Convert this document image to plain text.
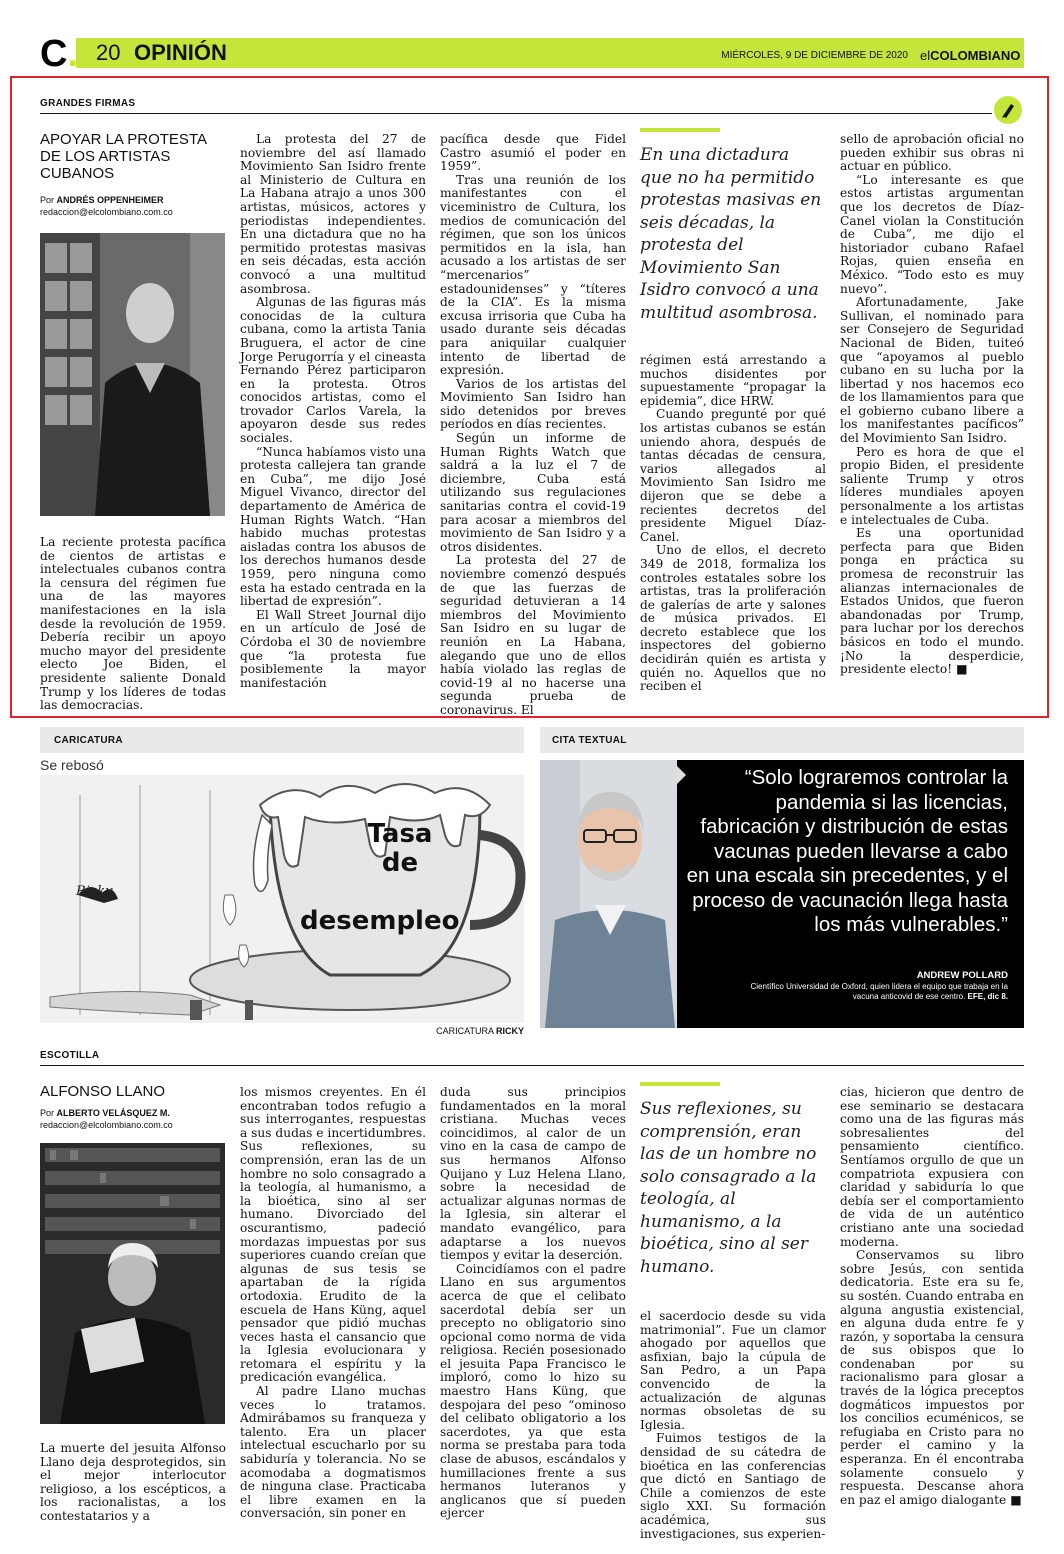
C. 20 OPINIÓN	MIÉRCOLES, 9 DE DICIEMBRE DE 2020 elCOLOMBIANO
GRANDES FIRMAS
APOYAR LA PROTESTA DE LOS ARTISTAS CUBANOS
Por ANDRÉS OPPENHEIMER
redaccion@elcolombiano.com.co

La reciente protesta pacífica de cientos de artistas e intelectuales cubanos contra la censura del régimen fue una de las mayores manifestaciones en la isla desde la revolución de 1959. Debería recibir un apoyo mucho mayor del presidente electo Joe Biden, el presidente saliente Donald Trump y los líderes de todas las democracias.

La protesta del 27 de noviembre del así llamado Movimiento San Isidro frente al Ministerio de Cultura en La Habana atrajo a unos 300 artistas, músicos, actores y periodistas independientes. En una dictadura que no ha permitido protestas masivas en seis décadas, esta acción convocó a una multitud asombrosa.

Algunas de las figuras más conocidas de la cultura cubana, como la artista Tania Bruguera, el actor de cine Jorge Perugorría y el cineasta Fernando Pérez participaron en la protesta. Otros conocidos artistas, como el trovador Carlos Varela, la apoyaron desde sus redes sociales.

“Nunca habíamos visto una protesta callejera tan grande en Cuba”, me dijo José Miguel Vivanco, director del departamento de América de Human Rights Watch. “Han habido muchas protestas aisladas contra los abusos de los derechos humanos desde 1959, pero ninguna como esta ha estado centrada en la libertad de expresión”.

El Wall Street Journal dijo en un artículo de José de Córdoba el 30 de noviembre que “la protesta fue posiblemente la mayor manifestación

pacífica desde que Fidel Castro asumió el poder en 1959”.

Tras una reunión de los manifestantes con el viceministro de Cultura, los medios de comunicación del régimen, que son los únicos permitidos en la isla, han acusado a los artistas de ser “mercenarios” estadounidenses” y “títeres de la CIA”. Es la misma excusa irrisoria que Cuba ha usado durante seis décadas para aniquilar cualquier intento de libertad de expresión.

Varios de los artistas del Movimiento San Isidro han sido detenidos por breves períodos en días recientes.

Según un informe de Human Rights Watch que saldrá a la luz el 7 de diciembre, Cuba está utilizando sus regulaciones sanitarias contra el covid-19 para acosar a miembros del movimiento de San Isidro y a otros disidentes.

La protesta del 27 de noviembre comenzó después de que las fuerzas de seguridad detuvieran a 14 miembros del Movimiento San Isidro en su lugar de reunión en La Habana, alegando que uno de ellos había violado las reglas de covid-19 al no hacerse una segunda prueba de coronavirus. El

En una dictadura que no ha permitido protestas masivas en seis décadas, la protesta del Movimiento San Isidro convocó a una multitud asombrosa.

régimen está arrestando a muchos disidentes por supuestamente “propagar la epidemia”, dice HRW.

Cuando pregunté por qué los artistas cubanos se están uniendo ahora, después de tantas décadas de censura, varios allegados al Movimiento San Isidro me dijeron que se debe a recientes decretos del presidente Miguel Díaz-Canel.

Uno de ellos, el decreto 349 de 2018, formaliza los controles estatales sobre los artistas, tras la proliferación de galerías de arte y salones de música privados. El decreto establece que los inspectores del gobierno decidirán quién es artista y quién no. Aquellos que no reciben el

sello de aprobación oficial no pueden exhibir sus obras ni actuar en público.

“Lo interesante es que estos artistas argumentan que los decretos de Díaz-Canel violan la Constitución de Cuba”, me dijo el historiador cubano Rafael Rojas, quien enseña en México. “Todo esto es muy nuevo”.

Afortunadamente, Jake Sullivan, el nominado para ser Consejero de Seguridad Nacional de Biden, tuiteó que “apoyamos al pueblo cubano en su lucha por la libertad y nos hacemos eco de los llamamientos para que el gobierno cubano libere a los manifestantes pacíficos” del Movimiento San Isidro.

Pero es hora de que el propio Biden, el presidente saliente Trump y otros líderes mundiales apoyen personalmente a los artistas e intelectuales de Cuba.

Es una oportunidad perfecta para que Biden ponga en práctica su promesa de reconstruir las alianzas internacionales de Estados Unidos, que fueron abandonadas por Trump, para luchar por los derechos básicos en todo el mundo. ¡No la desperdicie, presidente electo! ■

CARICATURA
Se rebosó
Tasa
de
desempleo
Ricky
CARICATURA RICKY
CITA TEXTUAL
“Solo lograremos controlar la pandemia si las licencias, fabricación y distribución de estas vacunas pueden llevarse a cabo en una escala sin precedentes, y el proceso de vacunación llega hasta los más vulnerables.”
ANDREW POLLARD
Científico Universidad de Oxford, quien lidera el equipo que trabaja en la
vacuna anticovid de ese centro. EFE, dic 8.
ESCOTILLA
ALFONSO LLANO
Por ALBERTO VELÁSQUEZ M.
redaccion@elcolombiano.com.co

La muerte del jesuita Alfonso Llano deja desprotegidos, sin el mejor interlocutor religioso, a los escépticos, a los racionalistas, a los contestatarios y a

los mismos creyentes. En él encontraban todos refugio a sus interrogantes, respuestas a sus dudas e incertidumbres. Sus reflexiones, su comprensión, eran las de un hombre no solo consagrado a la teología, al humanismo, a la bioética, sino al ser humano. Divorciado del oscurantismo, padeció mordazas impuestas por sus superiores cuando creían que algunas de sus tesis se apartaban de la rígida ortodoxia. Erudito de la escuela de Hans Küng, aquel pensador que pidió muchas veces hasta el cansancio que la Iglesia evolucionara y retomara el espíritu y la predicación evangélica.

Al padre Llano muchas veces lo tratamos. Admirábamos su franqueza y talento. Era un placer intelectual escucharlo por su sabiduría y tolerancia. No se acomodaba a dogmatismos de ninguna clase. Practicaba el libre examen en la conversación, sin poner en

duda sus principios fundamentados en la moral cristiana. Muchas veces coincidimos, al calor de un vino en la casa de campo de sus hermanos Alfonso Quijano y Luz Helena Llano, sobre la necesidad de actualizar algunas normas de la Iglesia, sin alterar el mandato evangélico, para adaptarse a los nuevos tiempos y evitar la deserción.

Coincidíamos con el padre Llano en sus argumentos acerca de que el celibato sacerdotal debía ser un precepto no obligatorio sino opcional como norma de vida religiosa. Recién posesionado el jesuita Papa Francisco le imploró, como lo hizo su maestro Hans Küng, que despojara del peso “ominoso del celibato obligatorio a los sacerdotes, ya que esta norma se prestaba para toda clase de abusos, escándalos y humillaciones frente a sus hermanos luteranos y anglicanos que sí pueden ejercer

Sus reflexiones, su comprensión, eran las de un hombre no solo consagrado a la teología, al humanismo, a la bioética, sino al ser humano.

el sacerdocio desde su vida matrimonial”. Fue un clamor ahogado por aquellos que asfixian, bajo la cúpula de San Pedro, a un Papa convencido de la actualización de algunas normas obsoletas de su Iglesia.

Fuimos testigos de la densidad de su cátedra de bioética en las conferencias que dictó en Santiago de Chile a comienzos de este siglo XXI. Su formación académica, sus investigaciones, sus experien-

cias, hicieron que dentro de ese seminario se destacara como una de las figuras más sobresalientes del pensamiento científico. Sentíamos orgullo de que un compatriota expusiera con claridad y sabiduría lo que debía ser el comportamiento de vida de un auténtico cristiano ante una sociedad moderna.

Conservamos su libro sobre Jesús, con sentida dedicatoria. Este era su fe, su sostén. Cuando entraba en alguna angustia existencial, en alguna duda entre fe y razón, y soportaba la censura de sus obispos que lo condenaban por su racionalismo para glosar a través de la lógica preceptos dogmáticos impuestos por los concilios ecuménicos, se refugiaba en Cristo para no perder el camino y la esperanza. En él encontraba solamente consuelo y respuesta. Descanse ahora en paz el amigo dialogante ■
